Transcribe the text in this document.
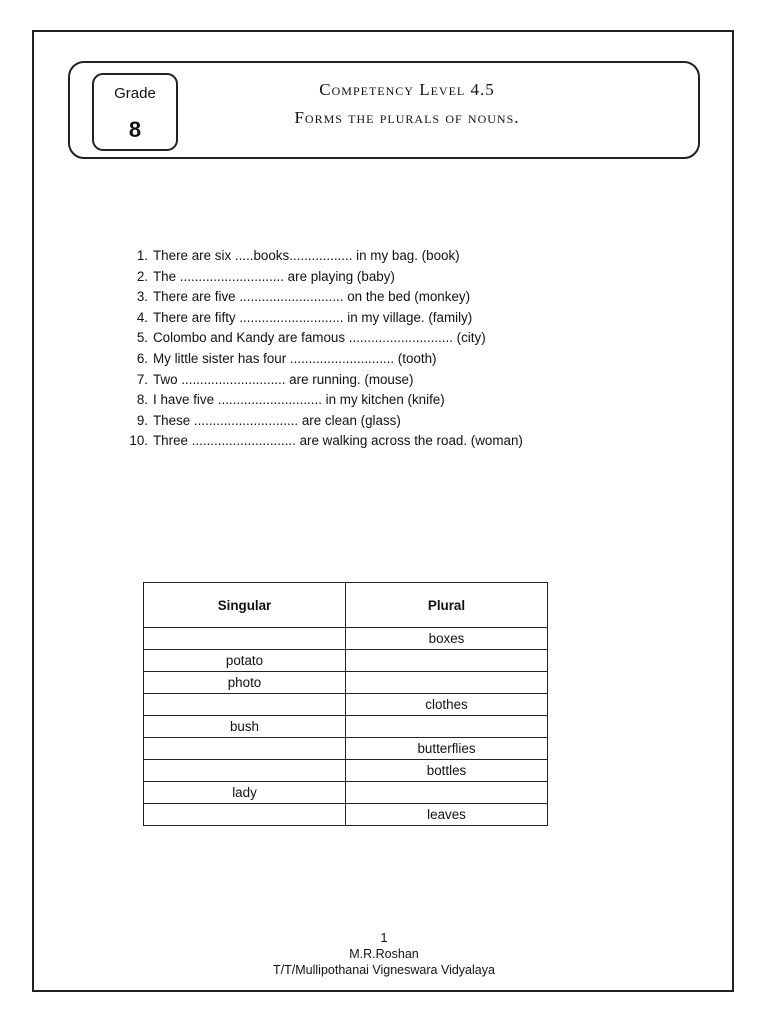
Grade
8
Competency Level 4.5
Forms the plurals of nouns.
1. There are six .....books................. in my bag. (book)
2. The ............................ are playing (baby)
3. There are five ............................ on the bed (monkey)
4. There are fifty ............................ in my village. (family)
5. Colombo and Kandy are famous ............................ (city)
6. My little sister has four ............................ (tooth)
7. Two ............................ are running. (mouse)
8. I have five ............................ in my kitchen (knife)
9. These ............................ are clean (glass)
10. Three ............................ are walking across the road. (woman)
Singular	Plural
	boxes
potato	
photo	
	clothes
bush	
	butterflies
	bottles
lady	
	leaves
1
M.R.Roshan
T/T/Mullipothanai Vigneswara Vidyalaya
